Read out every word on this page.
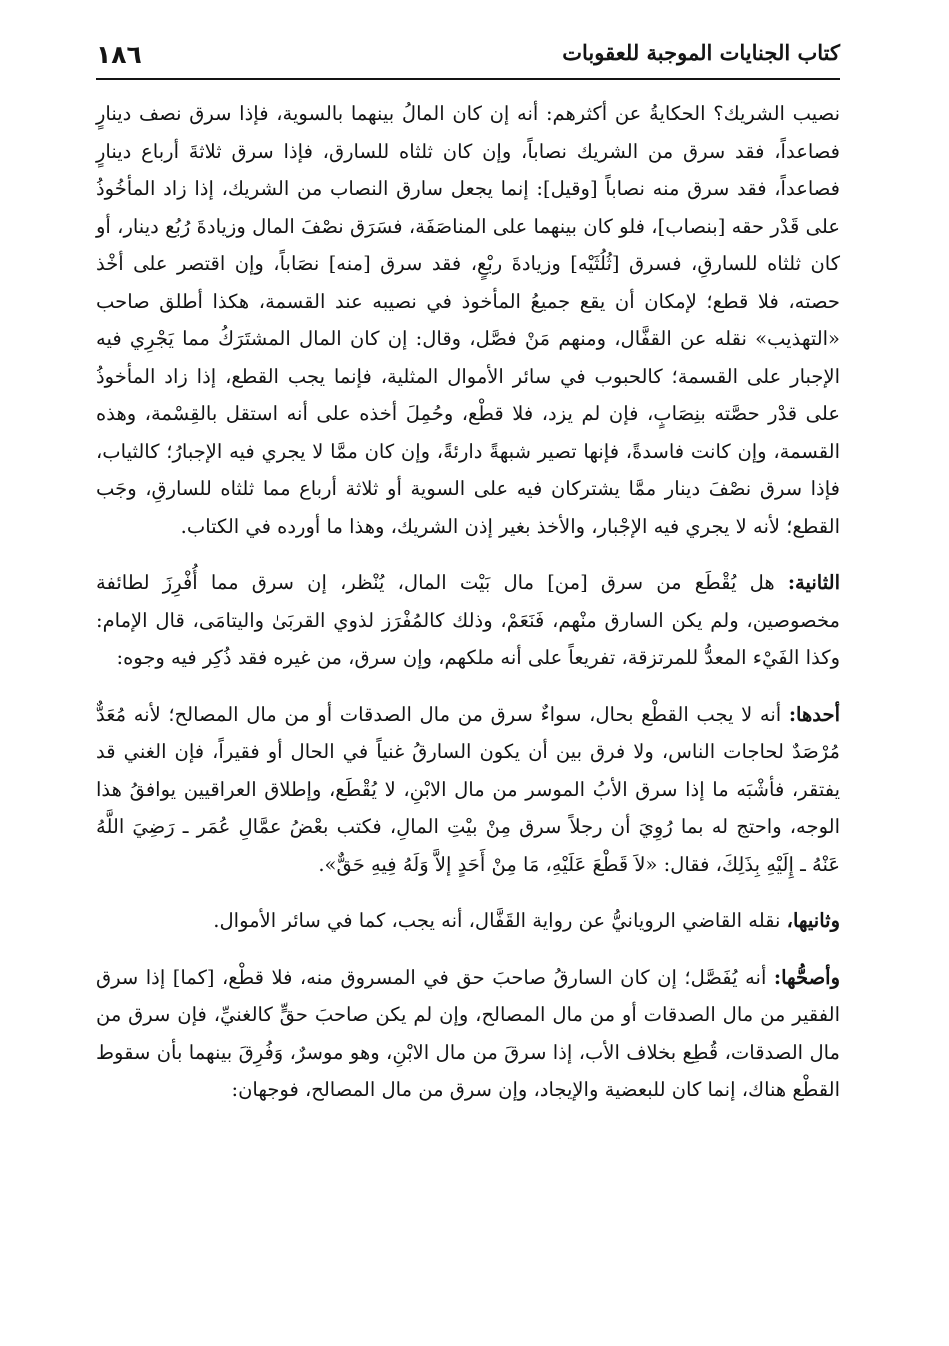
١٨٦	كتاب الجنايات الموجبة للعقوبات

نصيب الشريك؟ الحكايةُ عن أكثرهم: أنه إن كان المالُ بينهما بالسوية، فإذا سرق نصف دينارٍ فصاعداً، فقد سرق من الشريك نصاباً، وإن كان ثلثاه للسارق، فإذا سرق ثلاثةَ أرباع دينارٍ فصاعداً، فقد سرق منه نصاباً [وقيل]: إنما يجعل سارق النصاب من الشريك، إذا زاد المأخُوذُ على قَدْر حقه [بنصاب]، فلو كان بينهما على المناصَفَة، فسَرَق نصْفَ المال وزيادةَ رُبُع دينار، أو كان ثلثاه للسارقِ، فسرق [ثُلُثَيْه] وزيادةَ ربْعٍ، فقد سرق [منه] نصَاباً، وإن اقتصر على أخْذ حصته، فلا قطع؛ لإمكان أن يقع جميعُ المأخوذ في نصيبه عند القسمة، هكذا أطلق صاحب «التهذيب» نقله عن القفَّال، ومنهم مَنْ فصَّل، وقال: إن كان المال المشتَرَكُ مما يَجْرِي فيه الإجبار على القسمة؛ كالحبوب في سائر الأموال المثلية، فإنما يجب القطع، إذا زاد المأخوذُ على قدْر حصَّته بنِصَابٍ، فإن لم يزد، فلا قطْع، وحُمِلَ أخذه على أنه استقل بالقِسْمة، وهذه القسمة، وإن كانت فاسدةً، فإنها تصير شبهةً دارئةً، وإن كان ممَّا لا يجري فيه الإجبارُ؛ كالثياب، فإذا سرق نصْفَ دينار ممَّا يشتركان فيه على السوية أو ثلاثة أرباع مما ثلثاه للسارقِ، وجَب القطع؛ لأنه لا يجري فيه الإجْبار، والأخذ بغير إذن الشريك، وهذا ما أورده في الكتاب.

الثانية: هل يُقْطَع من سرق [من] مال بَيْت المال، يُنْظر، إن سرق مما أُفْرِزَ لطائفة مخصوصين، ولم يكن السارق منْهم، فَنَعَمْ، وذلك كالمُفْرَز لذوي القربَىٰ واليتامَى، قال الإمام: وكذا الفَيْء المعدُّ للمرتزقة، تفريعاً على أنه ملكهم، وإن سرق، من غيره فقد ذُكِر فيه وجوه:

أحدها: أنه لا يجب القطْع بحال، سواءٌ سرق من مال الصدقات أو من مال المصالح؛ لأنه مُعَدٌّ مُرْصَدٌ لحاجات الناس، ولا فرق بين أن يكون السارقُ غنياً في الحال أو فقيراً، فإن الغني قد يفتقر، فأشْبَه ما إذا سرق الأبُ الموسر من مال الابْنِ، لا يُقْطَع، وإطلاق العراقيين يوافقُ هذا الوجه، واحتج له بما رُوِيَ أن رجلاً سرق مِنْ بيْتِ المالِ، فكتب بعْضُ عمَّالِ عُمَر ـ رَضِيَ اللَّهُ عَنْهُ ـ إِلَيْهِ بِذَلِكَ، فقال: «لاَ قَطْعَ عَلَيْهِ، مَا مِنْ أَحَدٍ إلاَّ وَلَهُ فِيهِ حَقٌّ».

وثانيها، نقله القاضي الرويانيُّ عن رواية القَفَّال، أنه يجب، كما في سائر الأموال.

وأصحُّها: أنه يُفَصَّل؛ إن كان السارقُ صاحبَ حق في المسروق منه، فلا قطْع، [كما] إذا سرق الفقير من مال الصدقات أو من مال المصالح، وإن لم يكن صاحبَ حقٍّ كالغنيِّ، فإن سرق من مال الصدقات، قُطِع بخلاف الأب، إذا سرقَ من مال الابْنِ، وهو موسرٌ، وَفُرِقَ بينهما بأن سقوط القطْع هناك، إنما كان للبعضية والإيجاد، وإن سرق من مال المصالح، فوجهان:
